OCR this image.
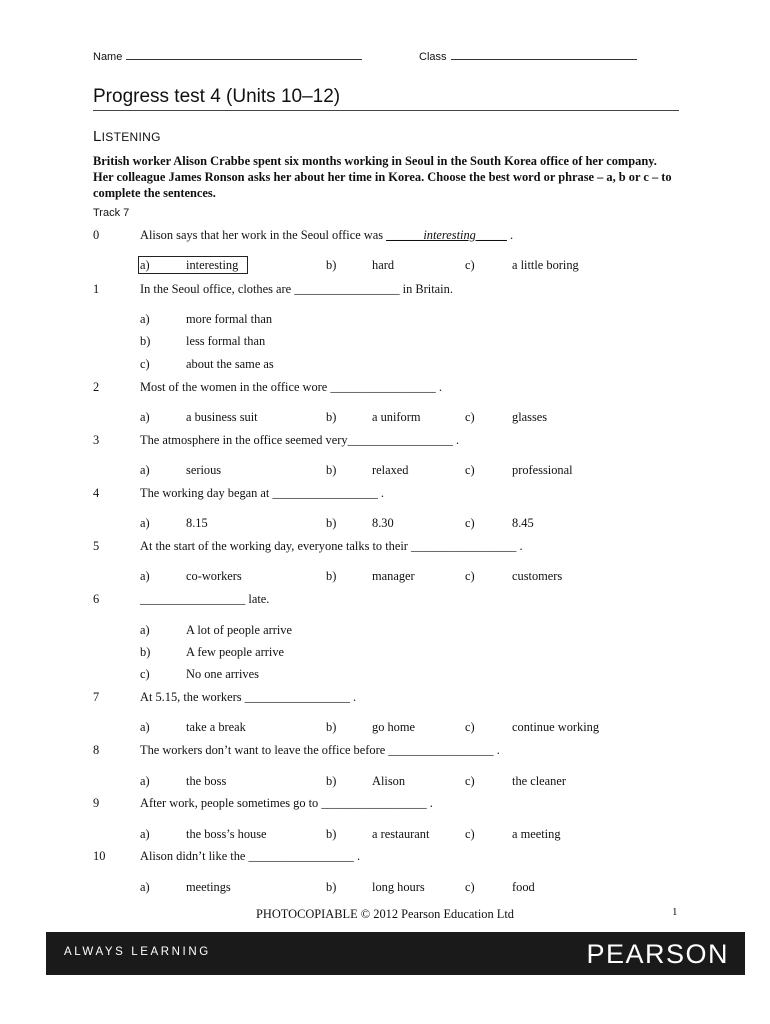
Name	Class
Progress test 4 (Units 10–12)
LISTENING
British worker Alison Crabbe spent six months working in Seoul in the South Korea office of her company. Her colleague James Ronson asks her about her time in Korea. Choose the best word or phrase – a, b or c – to complete the sentences.
Track 7
0	Alison says that her work in the Seoul office was ______interesting_____ .
a)	interesting	b)	hard	c)	a little boring
1	In the Seoul office, clothes are _________________ in Britain.
a)	more formal than
b)	less formal than
c)	about the same as
2	Most of the women in the office wore _________________ .
a)	a business suit	b)	a uniform	c)	glasses
3	The atmosphere in the office seemed very_________________ .
a)	serious	b)	relaxed	c)	professional
4	The working day began at _________________ .
a)	8.15	b)	8.30	c)	8.45
5	At the start of the working day, everyone talks to their _________________ .
a)	co-workers	b)	manager	c)	customers
6	_________________ late.
a)	A lot of people arrive
b)	A few people arrive
c)	No one arrives
7	At 5.15, the workers _________________ .
a)	take a break	b)	go home	c)	continue working
8	The workers don’t want to leave the office before _________________ .
a)	the boss	b)	Alison	c)	the cleaner
9	After work, people sometimes go to _________________ .
a)	the boss’s house	b)	a restaurant	c)	a meeting
10	Alison didn’t like the _________________ .
a)	meetings	b)	long hours	c)	food
PHOTOCOPIABLE © 2012 Pearson Education Ltd	1
ALWAYS LEARNING	PEARSON
